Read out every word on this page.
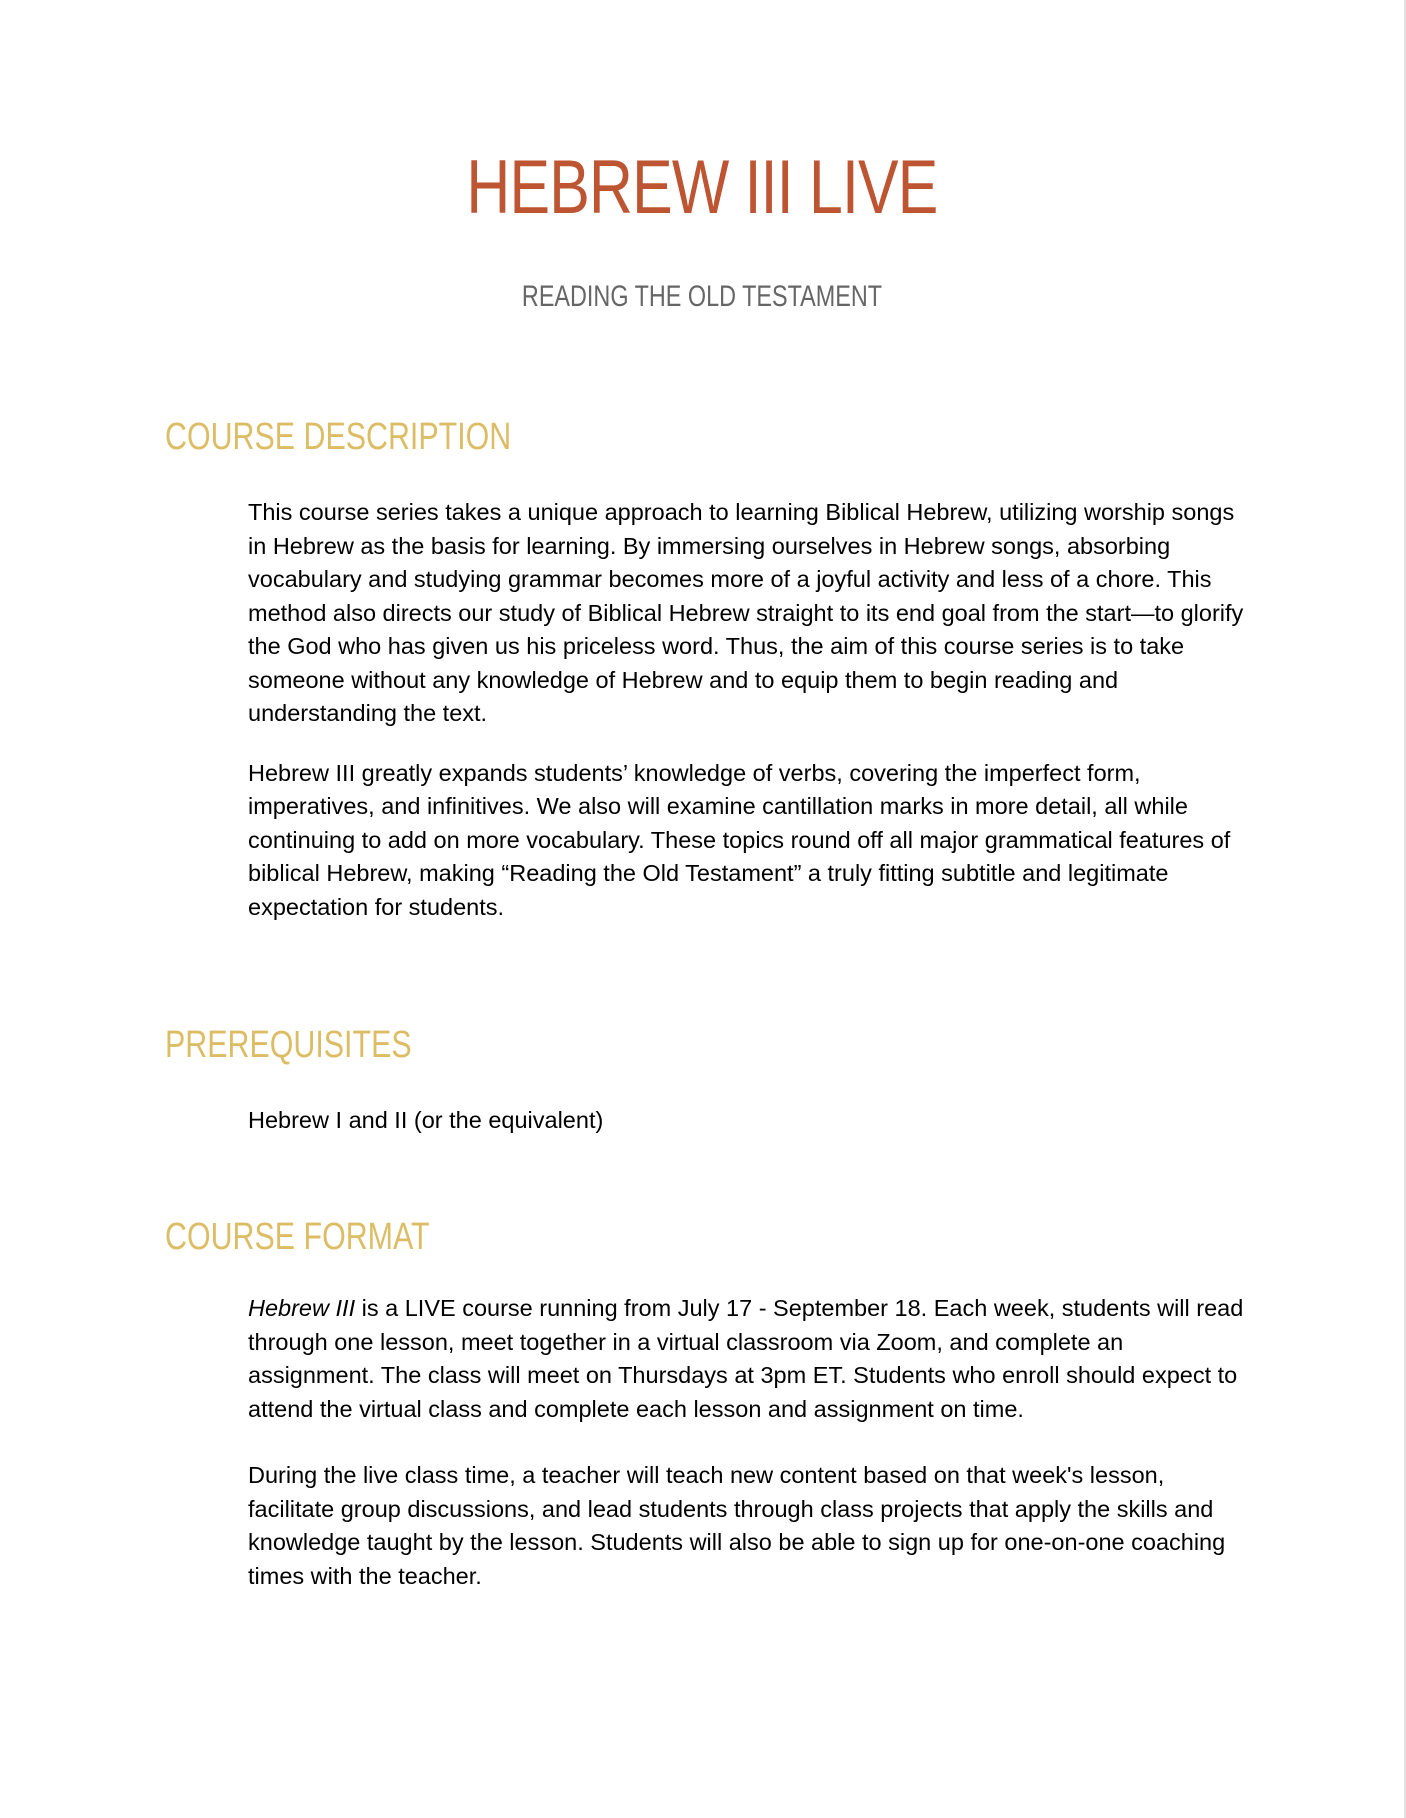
HEBREW III LIVE
READING THE OLD TESTAMENT
COURSE DESCRIPTION

This course series takes a unique approach to learning Biblical Hebrew, utilizing worship songs in Hebrew as the basis for learning. By immersing ourselves in Hebrew songs, absorbing vocabulary and studying grammar becomes more of a joyful activity and less of a chore. This method also directs our study of Biblical Hebrew straight to its end goal from the start—to glorify the God who has given us his priceless word. Thus, the aim of this course series is to take someone without any knowledge of Hebrew and to equip them to begin reading and understanding the text.

Hebrew III greatly expands students’ knowledge of verbs, covering the imperfect form, imperatives, and infinitives. We also will examine cantillation marks in more detail, all while continuing to add on more vocabulary. These topics round off all major grammatical features of biblical Hebrew, making “Reading the Old Testament” a truly fitting subtitle and legitimate expectation for students.

PREREQUISITES

Hebrew I and II (or the equivalent)

COURSE FORMAT

Hebrew III is a LIVE course running from July 17 - September 18. Each week, students will read through one lesson, meet together in a virtual classroom via Zoom, and complete an assignment. The class will meet on Thursdays at 3pm ET. Students who enroll should expect to attend the virtual class and complete each lesson and assignment on time.

During the live class time, a teacher will teach new content based on that week's lesson, facilitate group discussions, and lead students through class projects that apply the skills and knowledge taught by the lesson. Students will also be able to sign up for one-on-one coaching times with the teacher.
